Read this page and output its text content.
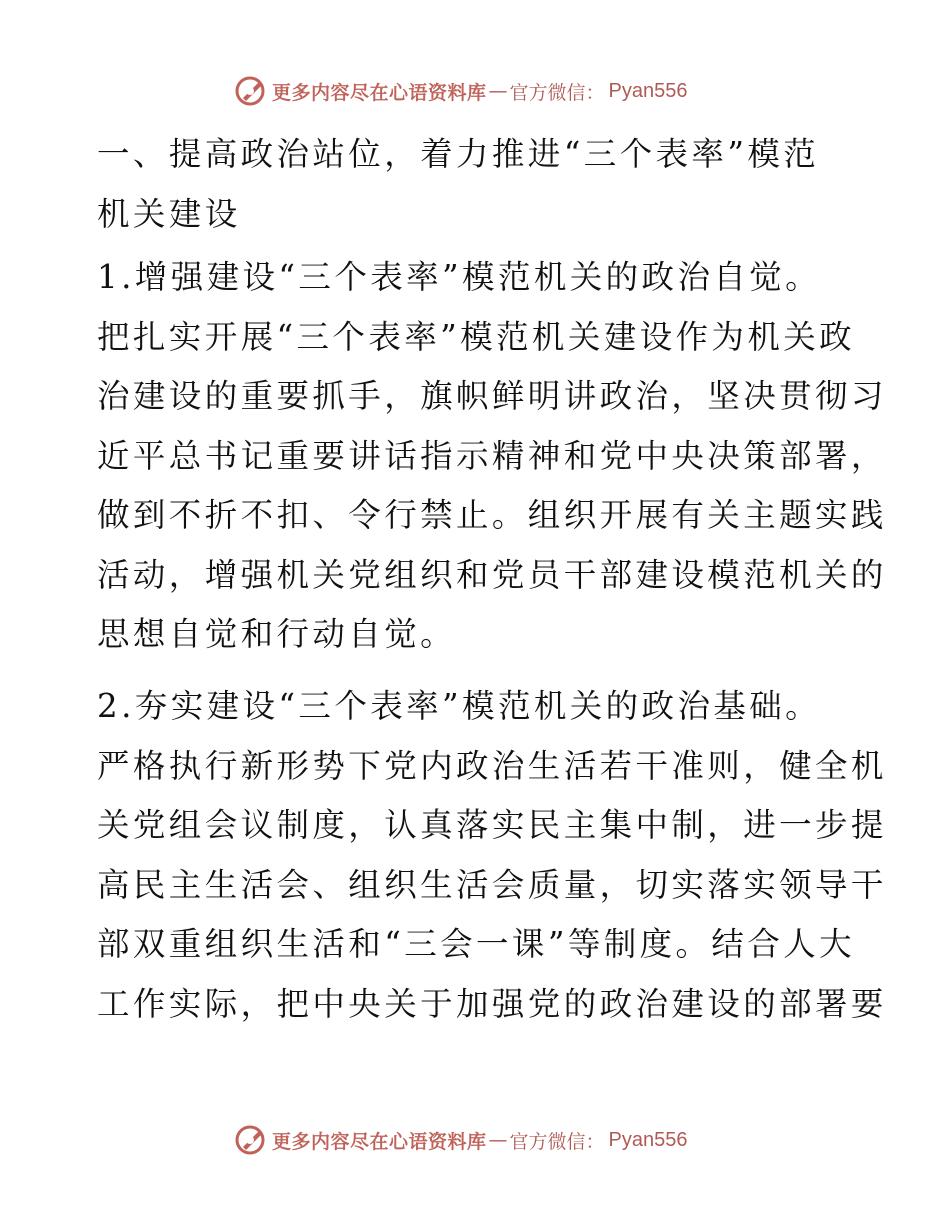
更多内容尽在心语资料库 — 官方微信： Pyan556
一、提高政治站位，着力推进“三个表率”模范
机关建设

1.增强建设“三个表率”模范机关的政治自觉。
把扎实开展“三个表率”模范机关建设作为机关政
治建设的重要抓手，旗帜鲜明讲政治，坚决贯彻习
近平总书记重要讲话指示精神和党中央决策部署，
做到不折不扣、令行禁止。组织开展有关主题实践
活动，增强机关党组织和党员干部建设模范机关的
思想自觉和行动自觉。

2.夯实建设“三个表率”模范机关的政治基础。
严格执行新形势下党内政治生活若干准则，健全机
关党组会议制度，认真落实民主集中制，进一步提
高民主生活会、组织生活会质量，切实落实领导干
部双重组织生活和“三会一课”等制度。结合人大
工作实际，把中央关于加强党的政治建设的部署要

更多内容尽在心语资料库 — 官方微信： Pyan556
